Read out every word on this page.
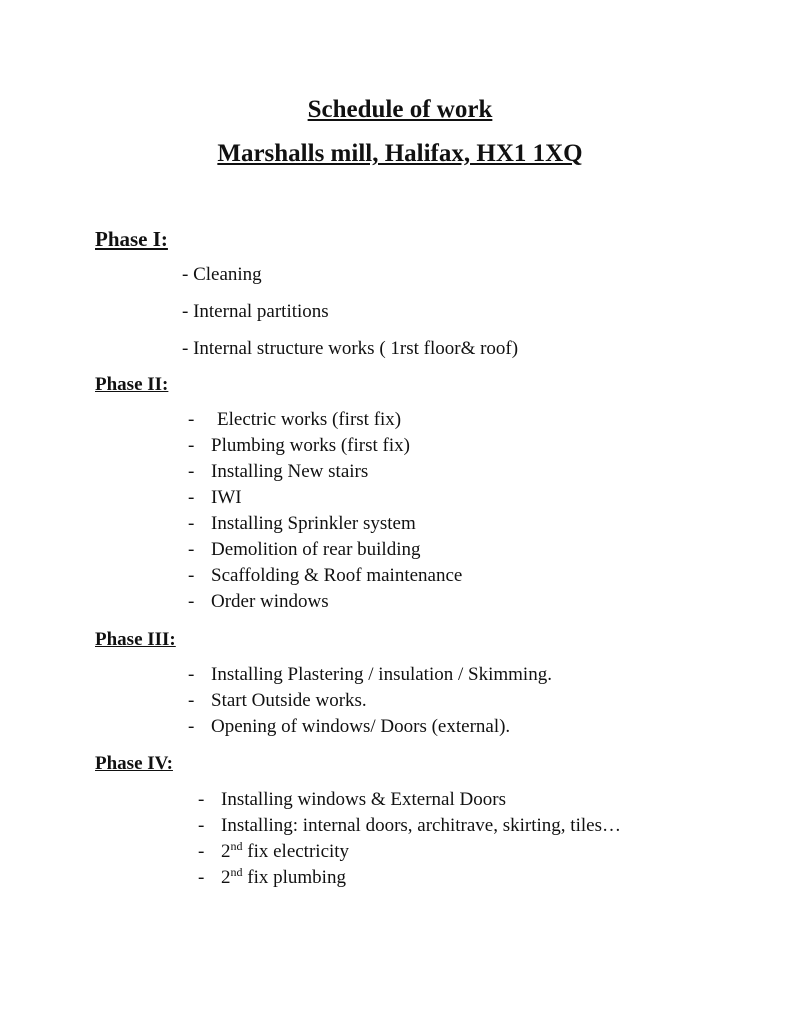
Schedule of work
Marshalls mill, Halifax, HX1 1XQ
Phase I:
- Cleaning
- Internal partitions
- Internal structure works ( 1rst floor& roof)
Phase II:
- Electric works (first fix)
- Plumbing works (first fix)
- Installing New stairs
- IWI
- Installing Sprinkler system
- Demolition of rear building
- Scaffolding & Roof maintenance
- Order windows
Phase III:
- Installing Plastering / insulation / Skimming.
- Start Outside works.
- Opening of windows/ Doors (external).
Phase IV:
- Installing windows & External Doors
- Installing: internal doors, architrave, skirting, tiles…
- 2nd fix electricity
- 2nd fix plumbing
